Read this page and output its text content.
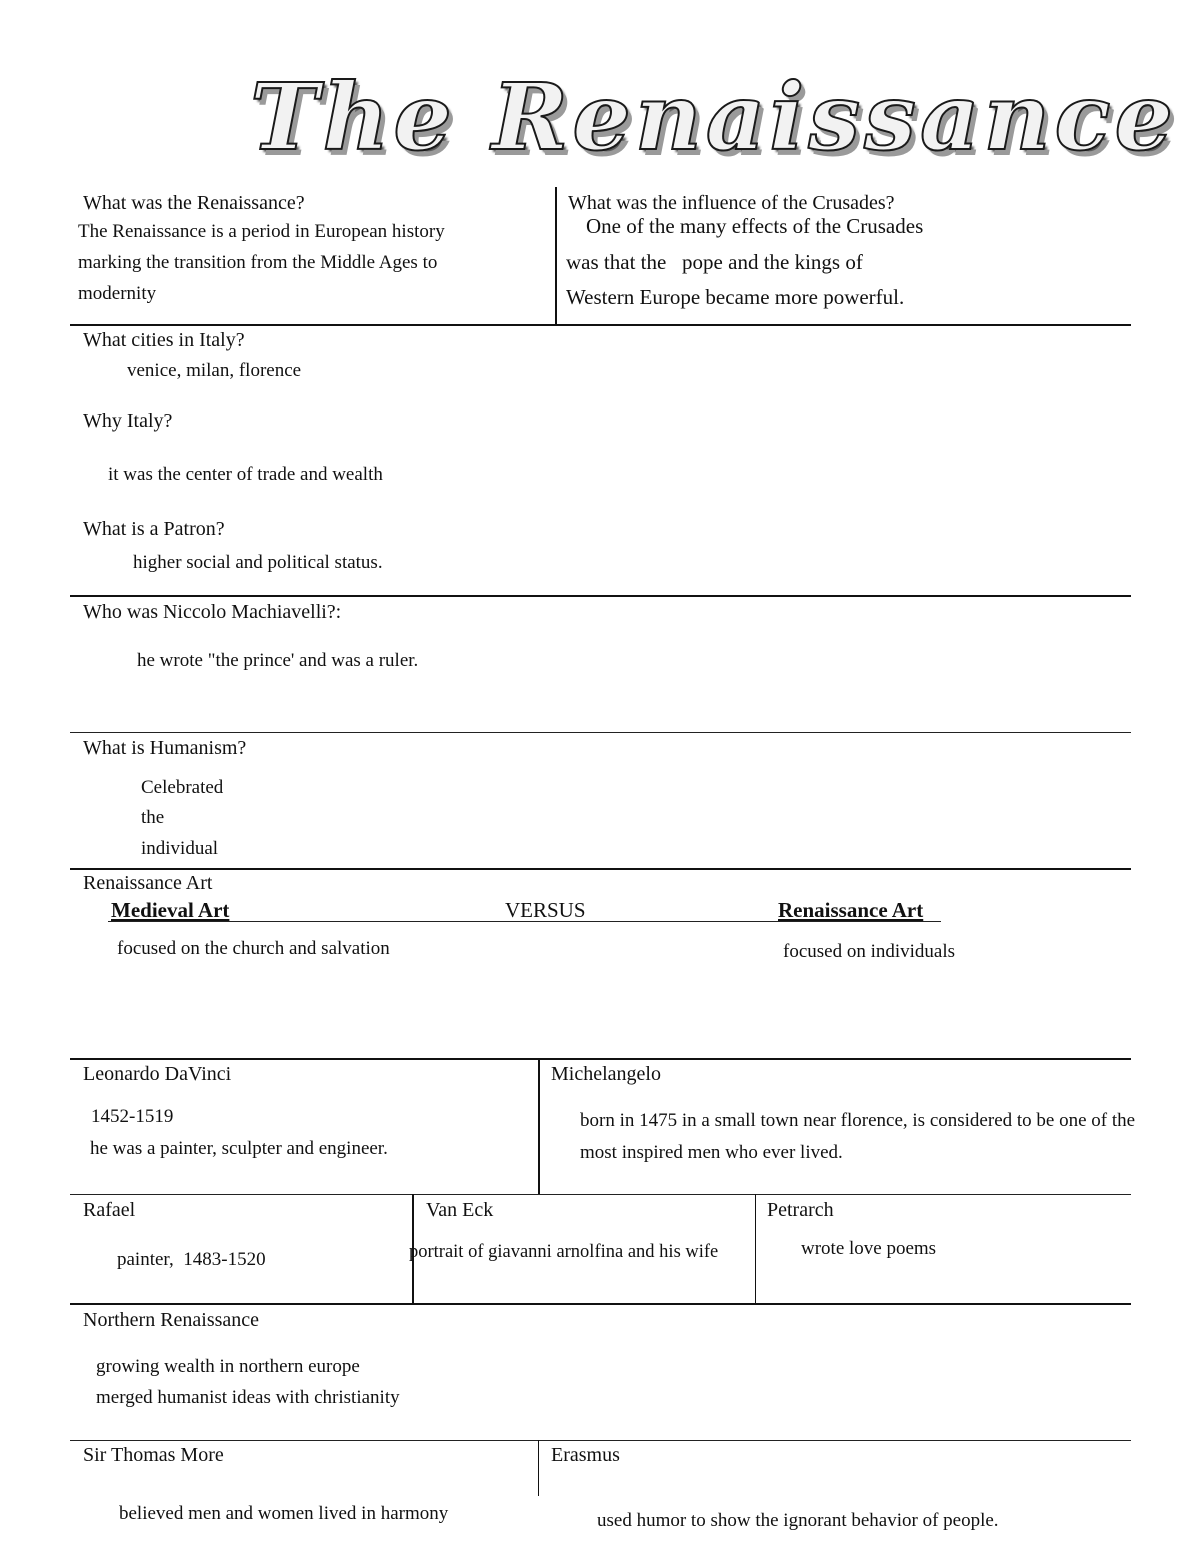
The Renaissance
What was the Renaissance?
The Renaissance is a period in European history
marking the transition from the Middle Ages to
modernity
What was the influence of the Crusades?
One of the many effects of the Crusades
was that the   pope and the kings of
Western Europe became more powerful.
What cities in Italy?
venice, milan, florence
Why Italy?
it was the center of trade and wealth
What is a Patron?
higher social and political status.
Who was Niccolo Machiavelli?:
he wrote "the prince' and was a ruler.
What is Humanism?
Celebrated
the
individual
Renaissance Art
Medieval Art	VERSUS	Renaissance Art
focused on the church and salvation	focused on individuals
Leonardo DaVinci
1452-1519
he was a painter, sculpter and engineer.
Michelangelo
born in 1475 in a small town near florence, is considered to be one of the
most inspired men who ever lived.
Rafael
painter,  1483-1520
Van Eck
portrait of giavanni arnolfina and his wife
Petrarch
wrote love poems
Northern Renaissance
growing wealth in northern europe
merged humanist ideas with christianity
Sir Thomas More
believed men and women lived in harmony
Erasmus
used humor to show the ignorant behavior of people.
